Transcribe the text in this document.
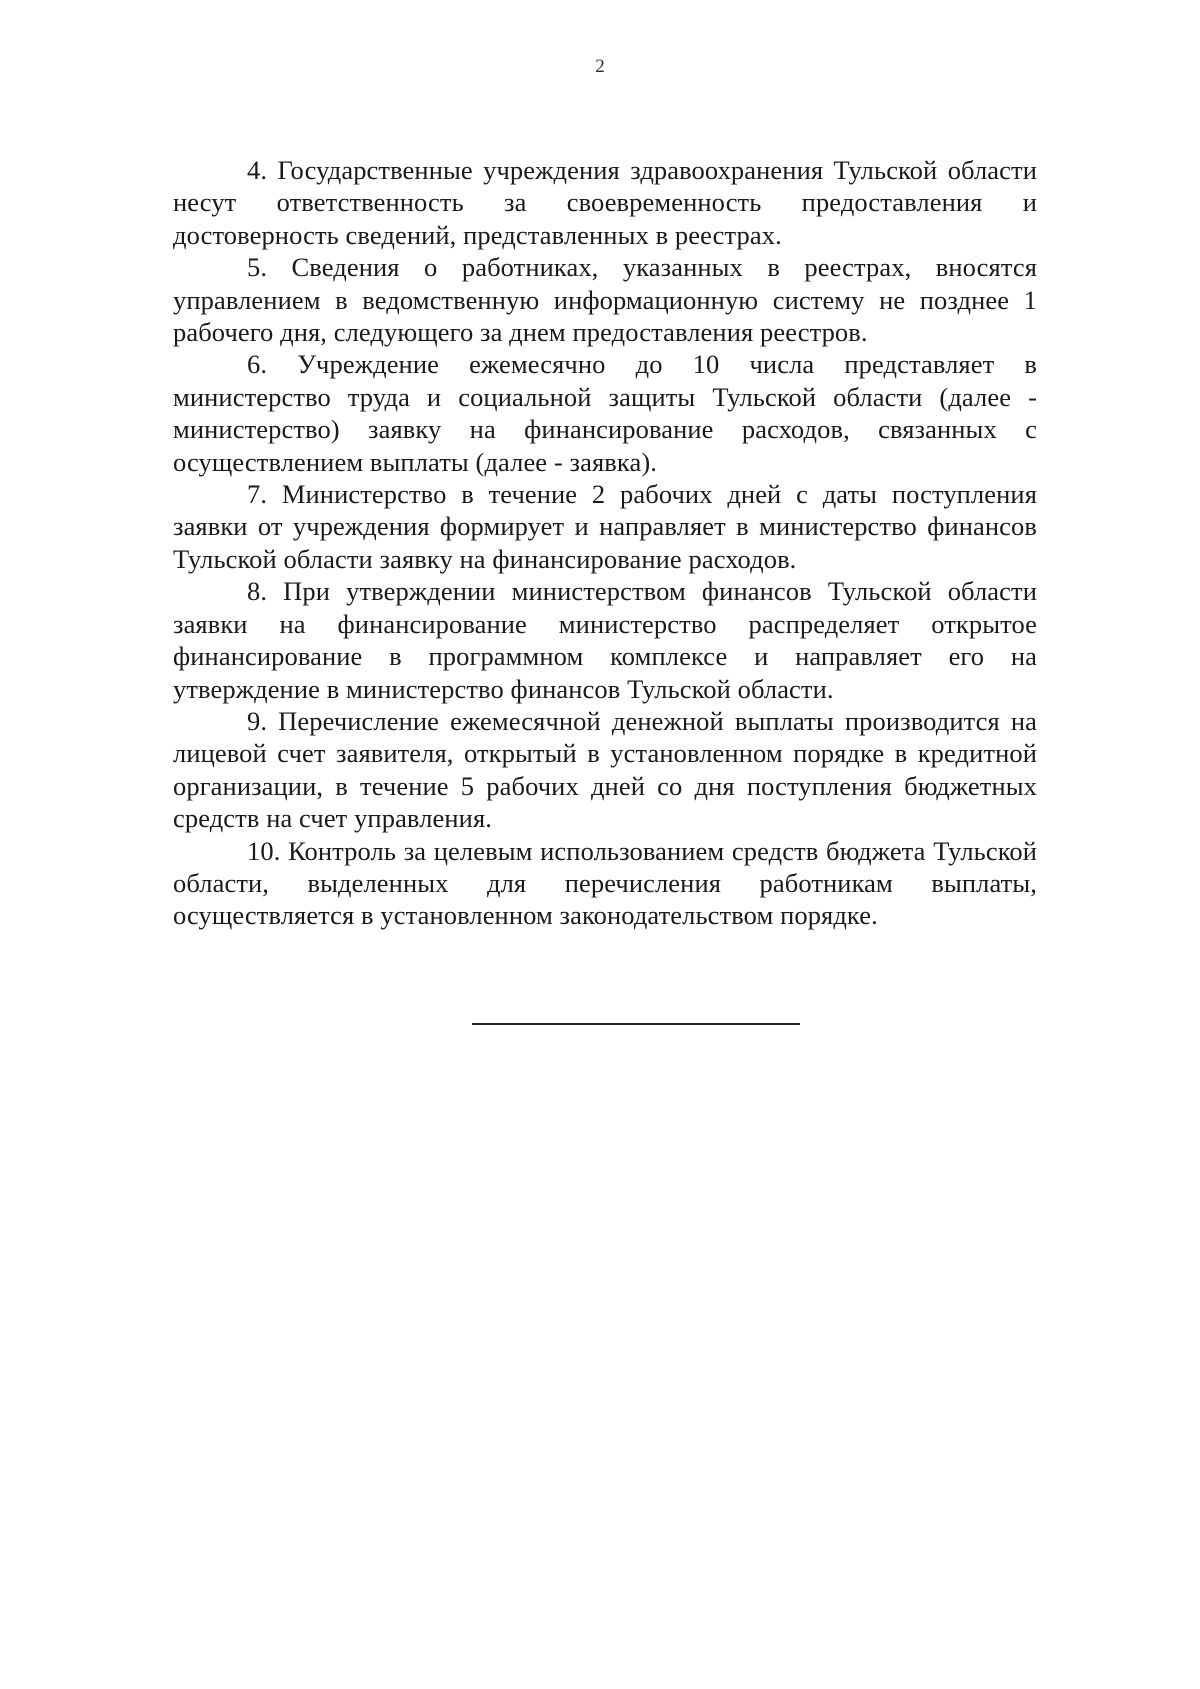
2

4. Государственные учреждения здравоохранения Тульской области несут ответственность за своевременность предоставления и достоверность сведений, представленных в реестрах.

5. Сведения о работниках, указанных в реестрах, вносятся управлением в ведомственную информационную систему не позднее 1 рабочего дня, следующего за днем предоставления реестров.

6. Учреждение ежемесячно до 10 числа представляет в министерство труда и социальной защиты Тульской области (далее - министерство) заявку на финансирование расходов, связанных с осуществлением выплаты (далее - заявка).

7. Министерство в течение 2 рабочих дней с даты поступления заявки от учреждения формирует и направляет в министерство финансов Тульской области заявку на финансирование расходов.

8. При утверждении министерством финансов Тульской области заявки на финансирование министерство распределяет открытое финансирование в программном комплексе и направляет его на утверждение в министерство финансов Тульской области.

9. Перечисление ежемесячной денежной выплаты производится на лицевой счет заявителя, открытый в установленном порядке в кредитной организации, в течение 5 рабочих дней со дня поступления бюджетных средств на счет управления.

10. Контроль за целевым использованием средств бюджета Тульской области, выделенных для перечисления работникам выплаты, осуществляется в установленном законодательством порядке.
